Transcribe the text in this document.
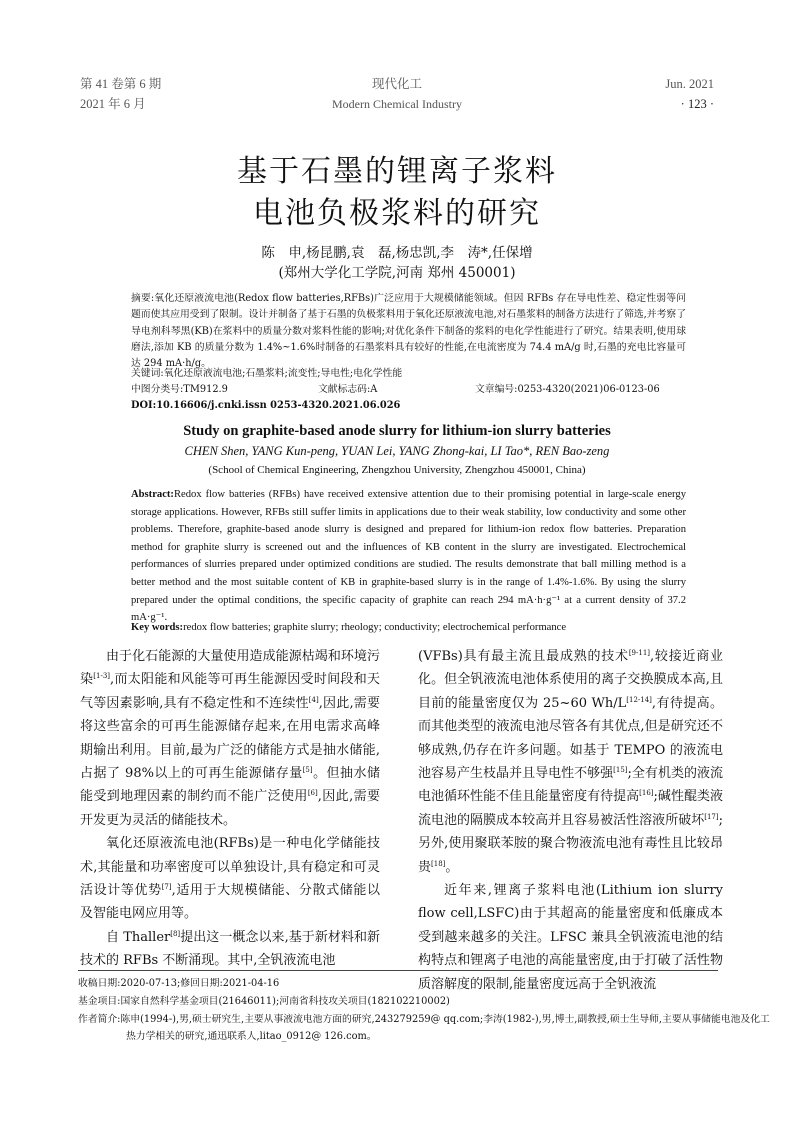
第 41 卷第 6 期
2021 年 6 月
现代化工
Modern Chemical Industry
Jun. 2021
· 123 ·
基于石墨的锂离子浆料
电池负极浆料的研究
陈　申,杨昆鹏,袁　磊,杨忠凯,李　涛*,任保增
(郑州大学化工学院,河南 郑州 450001)
摘要:氧化还原液流电池(Redox flow batteries,RFBs)广泛应用于大规模储能领域。但因 RFBs 存在导电性差、稳定性弱等问题而使其应用受到了限制。设计并制备了基于石墨的负极浆料用于氧化还原液流电池,对石墨浆料的制备方法进行了筛选,并考察了导电剂科琴黑(KB)在浆料中的质量分数对浆料性能的影响;对优化条件下制备的浆料的电化学性能进行了研究。结果表明,使用球磨法,添加 KB 的质量分数为 1.4%~1.6%时制备的石墨浆料具有较好的性能,在电流密度为 74.4 mA/g 时,石墨的充电比容量可达 294 mA·h/g。
关键词:氧化还原液流电池;石墨浆料;流变性;导电性;电化学性能
中图分类号:TM912.9	文献标志码:A	文章编号:0253-4320(2021)06-0123-06
DOI:10.16606/j.cnki.issn 0253-4320.2021.06.026
Study on graphite-based anode slurry for lithium-ion slurry batteries
CHEN Shen, YANG Kun-peng, YUAN Lei, YANG Zhong-kai, LI Tao*, REN Bao-zeng
(School of Chemical Engineering, Zhengzhou University, Zhengzhou 450001, China)
Abstract:Redox flow batteries (RFBs) have received extensive attention due to their promising potential in large-scale energy storage applications. However, RFBs still suffer limits in applications due to their weak stability, low conductivity and some other problems. Therefore, graphite-based anode slurry is designed and prepared for lithium-ion redox flow batteries. Preparation method for graphite slurry is screened out and the influences of KB content in the slurry are investigated. Electrochemical performances of slurries prepared under optimized conditions are studied. The results demonstrate that ball milling method is a better method and the most suitable content of KB in graphite-based slurry is in the range of 1.4%-1.6%. By using the slurry prepared under the optimal conditions, the specific capacity of graphite can reach 294 mA·h·g⁻¹ at a current density of 37.2 mA·g⁻¹.
Key words:redox flow batteries; graphite slurry; rheology; conductivity; electrochemical performance

由于化石能源的大量使用造成能源枯竭和环境污染[1-3],而太阳能和风能等可再生能源因受时间段和天气等因素影响,具有不稳定性和不连续性[4],因此,需要将这些富余的可再生能源储存起来,在用电需求高峰期输出利用。目前,最为广泛的储能方式是抽水储能,占据了 98%以上的可再生能源储存量[5]。但抽水储能受到地理因素的制约而不能广泛使用[6],因此,需要开发更为灵活的储能技术。

氧化还原液流电池(RFBs)是一种电化学储能技术,其能量和功率密度可以单独设计,具有稳定和可灵活设计等优势[7],适用于大规模储能、分散式储能以及智能电网应用等。

自 Thaller[8]提出这一概念以来,基于新材料和新技术的 RFBs 不断涌现。其中,全钒液流电池

(VFBs)具有最主流且最成熟的技术[9-11],较接近商业化。但全钒液流电池体系使用的离子交换膜成本高,且目前的能量密度仅为 25~60 Wh/L[12-14],有待提高。而其他类型的液流电池尽管各有其优点,但是研究还不够成熟,仍存在许多问题。如基于 TEMPO 的液流电池容易产生枝晶并且导电性不够强[15];全有机类的液流电池循环性能不佳且能量密度有待提高[16];碱性醌类液流电池的隔膜成本较高并且容易被活性溶液所破坏[17];另外,使用聚联苯胺的聚合物液流电池有毒性且比较昂贵[18]。

近年来,锂离子浆料电池(Lithium ion slurry flow cell,LSFC)由于其超高的能量密度和低廉成本受到越来越多的关注。LFSC 兼具全钒液流电池的结构特点和锂离子电池的高能量密度,由于打破了活性物质溶解度的限制,能量密度远高于全钒液流

收稿日期:2020-07-13;修回日期:2021-04-16
基金项目:国家自然科学基金项目(21646011);河南省科技攻关项目(182102210002)
作者简介:陈申(1994-),男,硕士研究生,主要从事液流电池方面的研究,243279259@ qq.com;李涛(1982-),男,博士,副教授,硕士生导师,主要从事储能电池及化工热力学相关的研究,通迅联系人,litao_0912@ 126.com。
